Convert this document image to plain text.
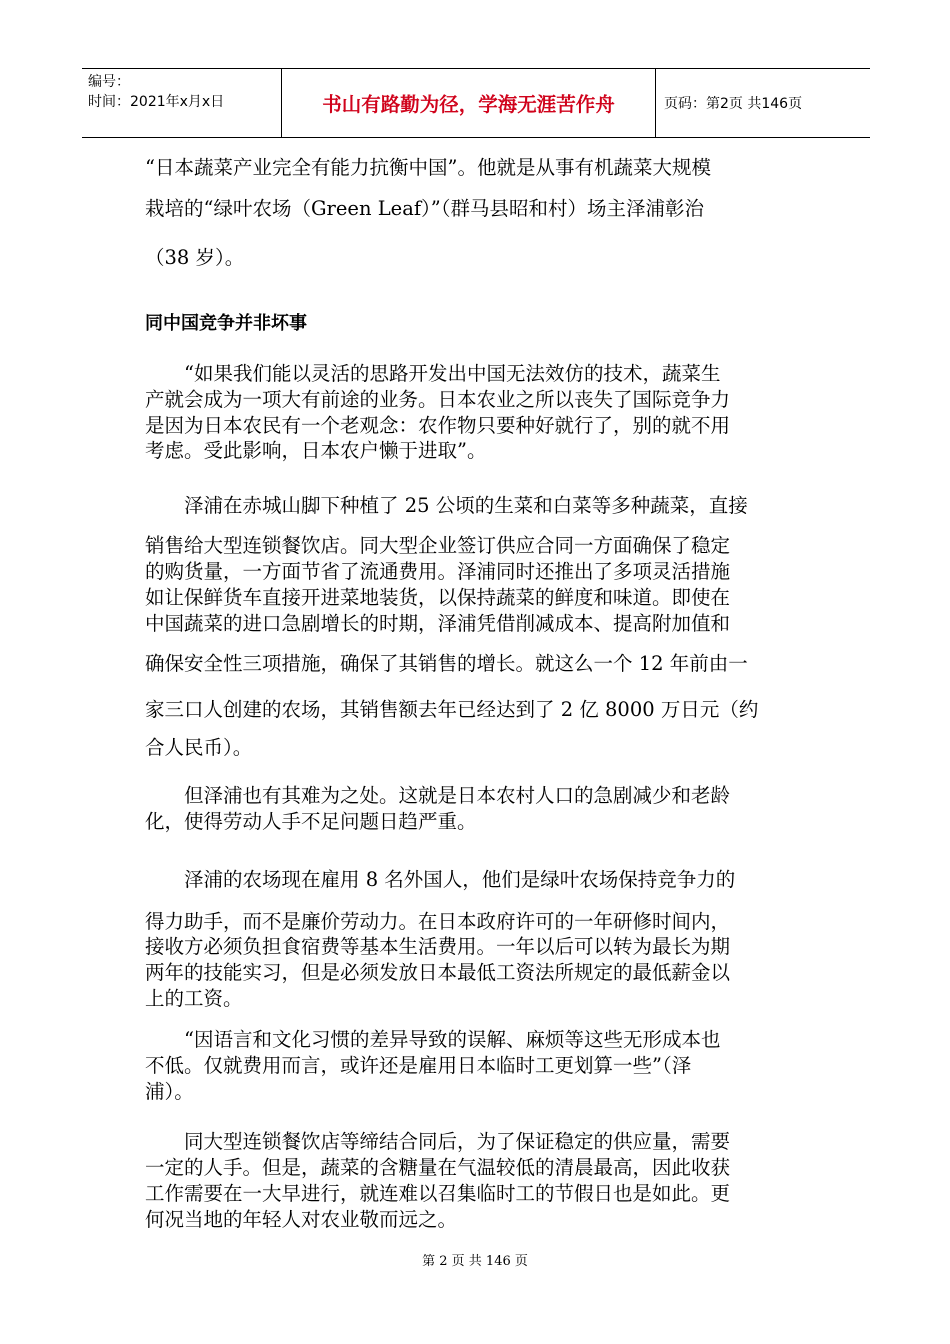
编号：
时间：2021年x月x日	书山有路勤为径，学海无涯苦作舟	页码：第2页 共146页
“日本蔬菜产业完全有能力抗衡中国”。他就是从事有机蔬菜大规模
栽培的“绿叶农场（Green Leaf）”（群马县昭和村）场主泽浦彰治
（38 岁）。
同中国竞争并非坏事
　　“如果我们能以灵活的思路开发出中国无法效仿的技术，蔬菜生
产就会成为一项大有前途的业务。日本农业之所以丧失了国际竞争力
是因为日本农民有一个老观念：农作物只要种好就行了，别的就不用
考虑。受此影响，日本农户懒于进取”。
　　泽浦在赤城山脚下种植了 25 公顷的生菜和白菜等多种蔬菜，直接
销售给大型连锁餐饮店。同大型企业签订供应合同一方面确保了稳定
的购货量，一方面节省了流通费用。泽浦同时还推出了多项灵活措施
如让保鲜货车直接开进菜地装货，以保持蔬菜的鲜度和味道。即使在
中国蔬菜的进口急剧增长的时期，泽浦凭借削减成本、提高附加值和
确保安全性三项措施，确保了其销售的增长。就这么一个 12 年前由一
家三口人创建的农场，其销售额去年已经达到了 2 亿 8000 万日元（约
合人民币）。
　　但泽浦也有其难为之处。这就是日本农村人口的急剧减少和老龄
化，使得劳动人手不足问题日趋严重。
　　泽浦的农场现在雇用 8 名外国人，他们是绿叶农场保持竞争力的
得力助手，而不是廉价劳动力。在日本政府许可的一年研修时间内，
接收方必须负担食宿费等基本生活费用。一年以后可以转为最长为期
两年的技能实习，但是必须发放日本最低工资法所规定的最低薪金以
上的工资。
　　“因语言和文化习惯的差异导致的误解、麻烦等这些无形成本也
不低。仅就费用而言，或许还是雇用日本临时工更划算一些”（泽
浦）。
　　同大型连锁餐饮店等缔结合同后，为了保证稳定的供应量，需要
一定的人手。但是，蔬菜的含糖量在气温较低的清晨最高，因此收获
工作需要在一大早进行，就连难以召集临时工的节假日也是如此。更
何况当地的年轻人对农业敬而远之。
第 2 页 共 146 页
